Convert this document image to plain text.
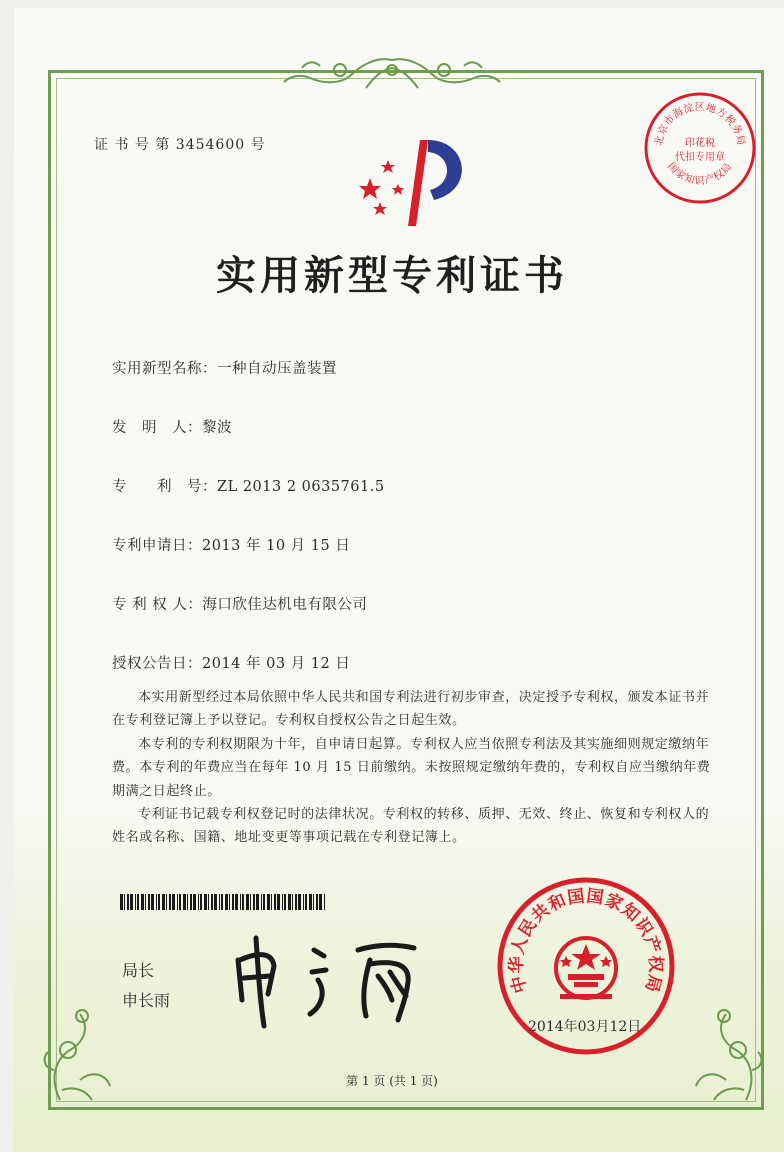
证 书 号 第 3454600 号	北京市海淀区地方税务局
国家知识产权局
印花税
代扣专用章
实用新型专利证书
实用新型名称：一种自动压盖装置
发　明　人：黎波
专　　利　号：ZL 2013 2 0635761.5
专利申请日：2013 年 10 月 15 日
专 利 权 人：海口欣佳达机电有限公司
授权公告日：2014 年 03 月 12 日

本实用新型经过本局依照中华人民共和国专利法进行初步审查，决定授予专利权，颁发本证书并在专利登记簿上予以登记。专利权自授权公告之日起生效。

本专利的专利权期限为十年，自申请日起算。专利权人应当依照专利法及其实施细则规定缴纳年费。本专利的年费应当在每年 10 月 15 日前缴纳。未按照规定缴纳年费的，专利权自应当缴纳年费期满之日起终止。

专利证书记载专利权登记时的法律状况。专利权的转移、质押、无效、终止、恢复和专利权人的姓名或名称、国籍、地址变更等事项记载在专利登记簿上。

局长
申长雨
中华人民共和国国家知识产权局
2014年03月12日
第 1 页 (共 1 页)
